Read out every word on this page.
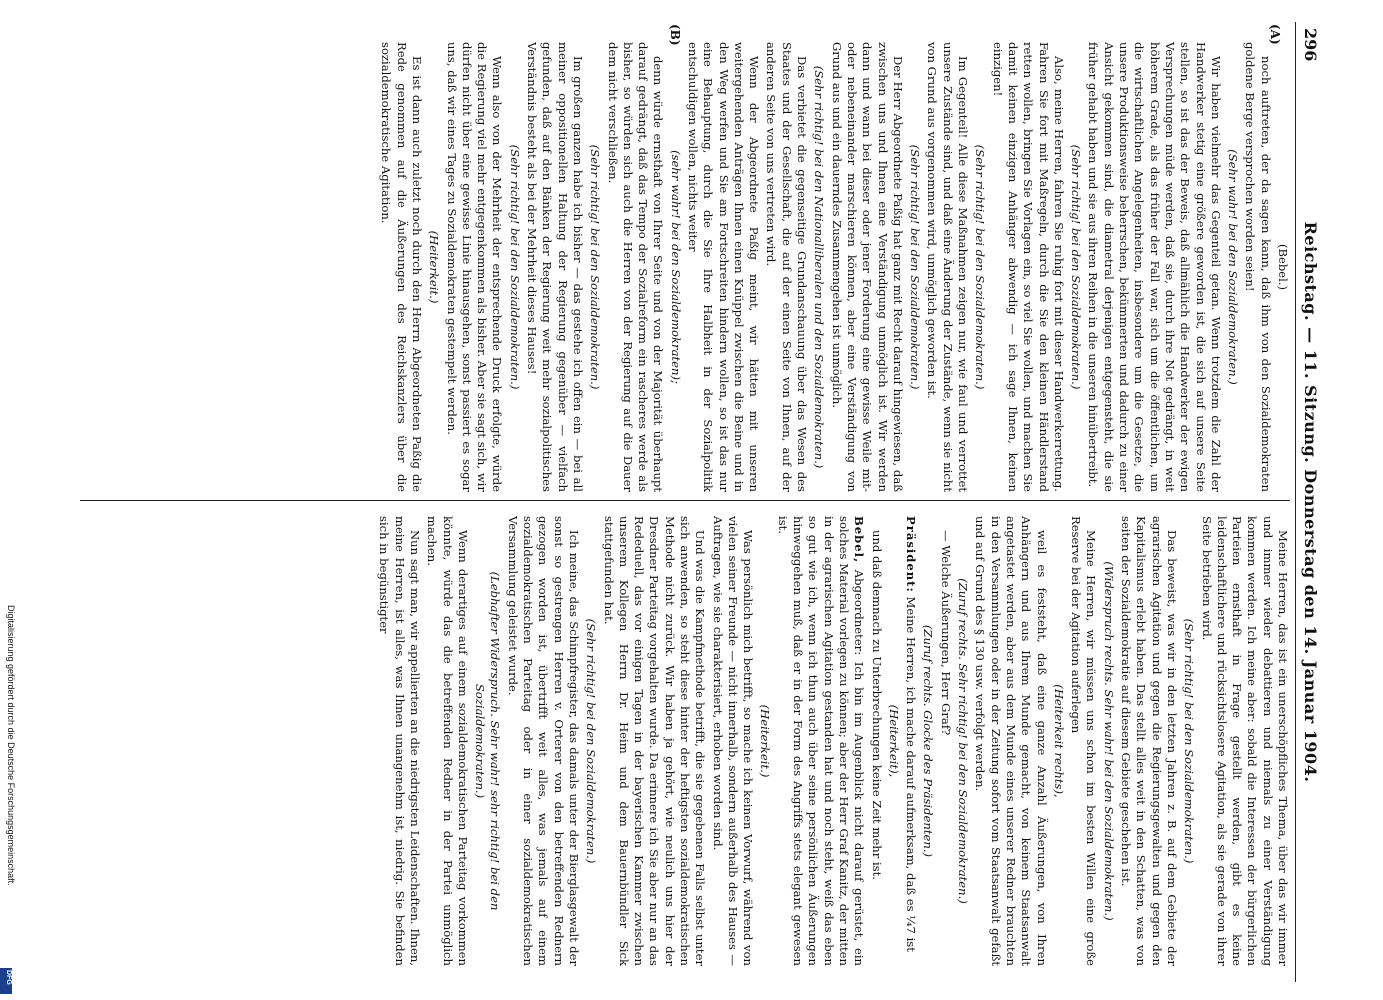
Digitalisierung gefördert durch die Deutsche Forschungsgemeinschaft.
DFG
296
Reichstag. — 11. Sitzung. Donnerstag den 14. Januar 1904.
(A)
(B)

(Bebel.)

noch auftreten, der da sagen kann, daß ihm von den Sozialdemokraten goldene Berge versprochen worden seien!

(Sehr wahr! bei den Sozialdemokraten.)

Wir haben vielmehr das Gegenteil getan. Wenn trotzdem die Zahl der Handwerker stetig eine größere geworden ist, die sich auf unsere Seite stellen, so ist das der Beweis, daß allmählich die Handwerker der ewigen Versprechungen müde werden, daß sie, durch ihre Not gedrängt, in weit höherem Grade, als das früher der Fall war, sich um die öffentlichen, um die wirtschaftlichen Angelegenheiten, insbesondere um die Gesetze, die unsere Produktionsweise beherrschen, bekümmerten und dadurch zu einer Ansicht gekommen sind, die diametral derjenigen entgegensteht, die sie früher gehabt haben und sie aus ihren Reihen in die unseren hinübertreibt.

(Sehr richtig! bei den Sozialdemokraten.)

Also, meine Herren, fahren Sie ruhig fort mit dieser Handwerkerrettung. Fahren Sie fort mit Maßregeln, durch die Sie den kleinen Händlerstand retten wollen, bringen Sie Vorlagen ein, so viel Sie wollen, und machen Sie damit keinen einzigen Anhänger abwendig — ich sage Ihnen, keinen einzigen!

(Sehr richtig! bei den Sozialdemokraten.)

Im Gegenteil! Alle diese Maßnahmen zeigen nur, wie faul und verrottet unsere Zustände sind, und daß eine Änderung der Zustände, wenn sie nicht von Grund aus vorgenommen wird, unmöglich geworden ist.

(Sehr richtig! bei den Sozialdemokraten.)

Der Herr Abgeordnete Paßig hat ganz mit Recht darauf hingewiesen, daß zwischen uns und Ihnen eine Verständigung unmöglich ist. Wir werden dann und wann bei dieser oder jener Forderung eine gewisse Weile mit- oder nebeneinander marschieren können, aber eine Verständigung von Grund aus und ein dauerndes Zusammengehen ist unmöglich.

(Sehr richtig! bei den Nationalliberalen und den Sozialdemokraten.)

Das verbietet die gegenseitige Grundanschauung über das Wesen des Staates und der Gesellschaft, die auf der einen Seite von Ihnen, auf der anderen Seite von uns vertreten wird.

Wenn der Abgeordnete Paßig meint, wir hätten mit unseren weitergehenden Anträgen Ihnen einen Knüppel zwischen die Beine und in den Weg werfen und Sie am Fortschreiten hindern wollen, so ist das nur eine Behauptung, durch die Sie Ihre Halbheit in der Sozialpolitik entschuldigen wollen, nichts weiter

(sehr wahr! bei den Sozialdemokraten);

denn würde ernsthaft von Ihrer Seite und von der Majorität überhaupt darauf gedrängt, daß das Tempo der Sozialreform ein rascheres werde als bisher, so würden sich auch die Herren von der Regierung auf die Dauer dem nicht verschließen.

(Sehr richtig! bei den Sozialdemokraten.)

Im großen ganzen habe ich bisher — das gestehe ich offen ein — bei all meiner oppositionellen Haltung der Regierung gegenüber — vielfach gefunden, daß auf den Bänken der Regierung weit mehr sozialpolitisches Verständnis besteht als bei der Mehrheit dieses Hauses!

(Sehr richtig! bei den Sozialdemokraten.)

Wenn also von der Mehrheit der entsprechende Druck erfolgte, würde die Regierung viel mehr entgegenkommen als bisher. Aber sie sagt sich, wir dürfen nicht über eine gewisse Linie hinausgehen, sonst passiert es sogar uns, daß wir eines Tages zu Sozialdemokraten gestempelt werden.

(Heiterkeit.)

Es ist dann auch zuletzt noch durch den Herrn Abgeordneten Paßig die Rede genommen auf die Äußerungen des Reichskanzlers über die sozialdemokratische Agitation.

Meine Herren, das ist ein unerschöpfliches Thema, über das wir immer und immer wieder debattieren und niemals zu einer Verständigung kommen werden. Ich meine aber: sobald die Interessen der bürgerlichen Parteien ernsthaft in Frage gestellt werden, gibt es keine leidenschaftlichere und rücksichtslosere Agitation, als sie gerade von ihrer Seite betrieben wird.

(Sehr richtig! bei den Sozialdemokraten.)

Das beweist, was wir in den letzten Jahren z. B. auf dem Gebiete der agrarischen Agitation und gegen die Regierungsgewalten und gegen den Kapitalismus erlebt haben. Das stellt alles weit in den Schatten, was von seiten der Sozialdemokratie auf diesem Gebiete geschehen ist.

(Widerspruch rechts. Sehr wahr! bei den Sozialdemokraten.)

Meine Herren, wir müssen uns schon im besten Willen eine große Reserve bei der Agitation auferlegen

(Heiterkeit rechts),

weil es feststeht, daß eine ganze Anzahl Äußerungen, von Ihren Anhängern und aus Ihrem Munde gemacht, von keinem Staatsanwalt angetastet werden, aber aus dem Munde eines unserer Redner brauchten in den Versammlungen oder in der Zeitung sofort vom Staatsanwalt gefaßt und auf Grund des § 130 usw. verfolgt werden.

(Zuruf rechts. Sehr richtig! bei den Sozialdemokraten.)

— Welche Äußerungen, Herr Graf?

(Zuruf rechts. Glocke des Präsidenten.)

Präsident: Meine Herren, ich mache darauf aufmerksam, daß es ¼7 ist

(Heiterkeit),

und daß demnach zu Unterbrechungen keine Zeit mehr ist.

Bebel, Abgeordneter: Ich bin im Augenblick nicht darauf gerüstet, ein solches Material vorlegen zu können; aber der Herr Graf Kanitz, der mitten in der agrarischen Agitation gestanden hat und noch steht, weiß das eben so gut wie ich, wenn ich thun auch über seine persönlichen Äußerungen hinweggehen muß, daß er in der Form des Angriffs stets elegant gewesen ist.

(Heiterkeit.)

Was persönlich mich betrifft, so mache ich keinen Vorwurf, während von vielen seiner Freunde — nicht innerhalb, sondern außerhalb des Hauses — Auftragen, wie sie charakterisiert, erhoben worden sind.

Und was die Kampfmethode betrifft, die sie gegebenen Falls selbst unter sich anwenden, so steht diese hinter der heftigsten sozialdemokratischen Methode nicht zurück. Wir haben ja gehört, wie neulich uns hier der Dresdner Parteitag vorgehalten wurde. Da erinnere ich Sie aber nur an das Rededuell, das vor einigen Tagen in der bayerischen Kammer zwischen unserem Kollegen Herrn Dr. Heim und dem Bauernbündler Sick stattgefunden hat.

(Sehr richtig! bei den Sozialdemokraten.)

Ich meine, das Schimpfregister, das damals unter der Bierglasgewalt der sonst so gestrengen Herren v. Orterer von den betreffenden Rednern gezogen worden ist, übertrifft weit alles, was jemals auf einem sozialdemokratischen Parteitag oder in einer sozialdemokratischen Versammlung geleistet wurde.

(Lebhafter Widerspruch. Sehr wahr! sehr richtig! bei den Sozialdemokraten.)

Wenn derartiges auf einem sozialdemokratischen Parteitag vorkommen könnte, würde das die betreffenden Redner in der Partei unmöglich machen.

Nun sagt man, wir appellierten an die niedrigsten Leidenschaften. Ihnen, meine Herren, ist alles, was Ihnen unangenehm ist, niedrig. Sie befinden sich in begünstigter
